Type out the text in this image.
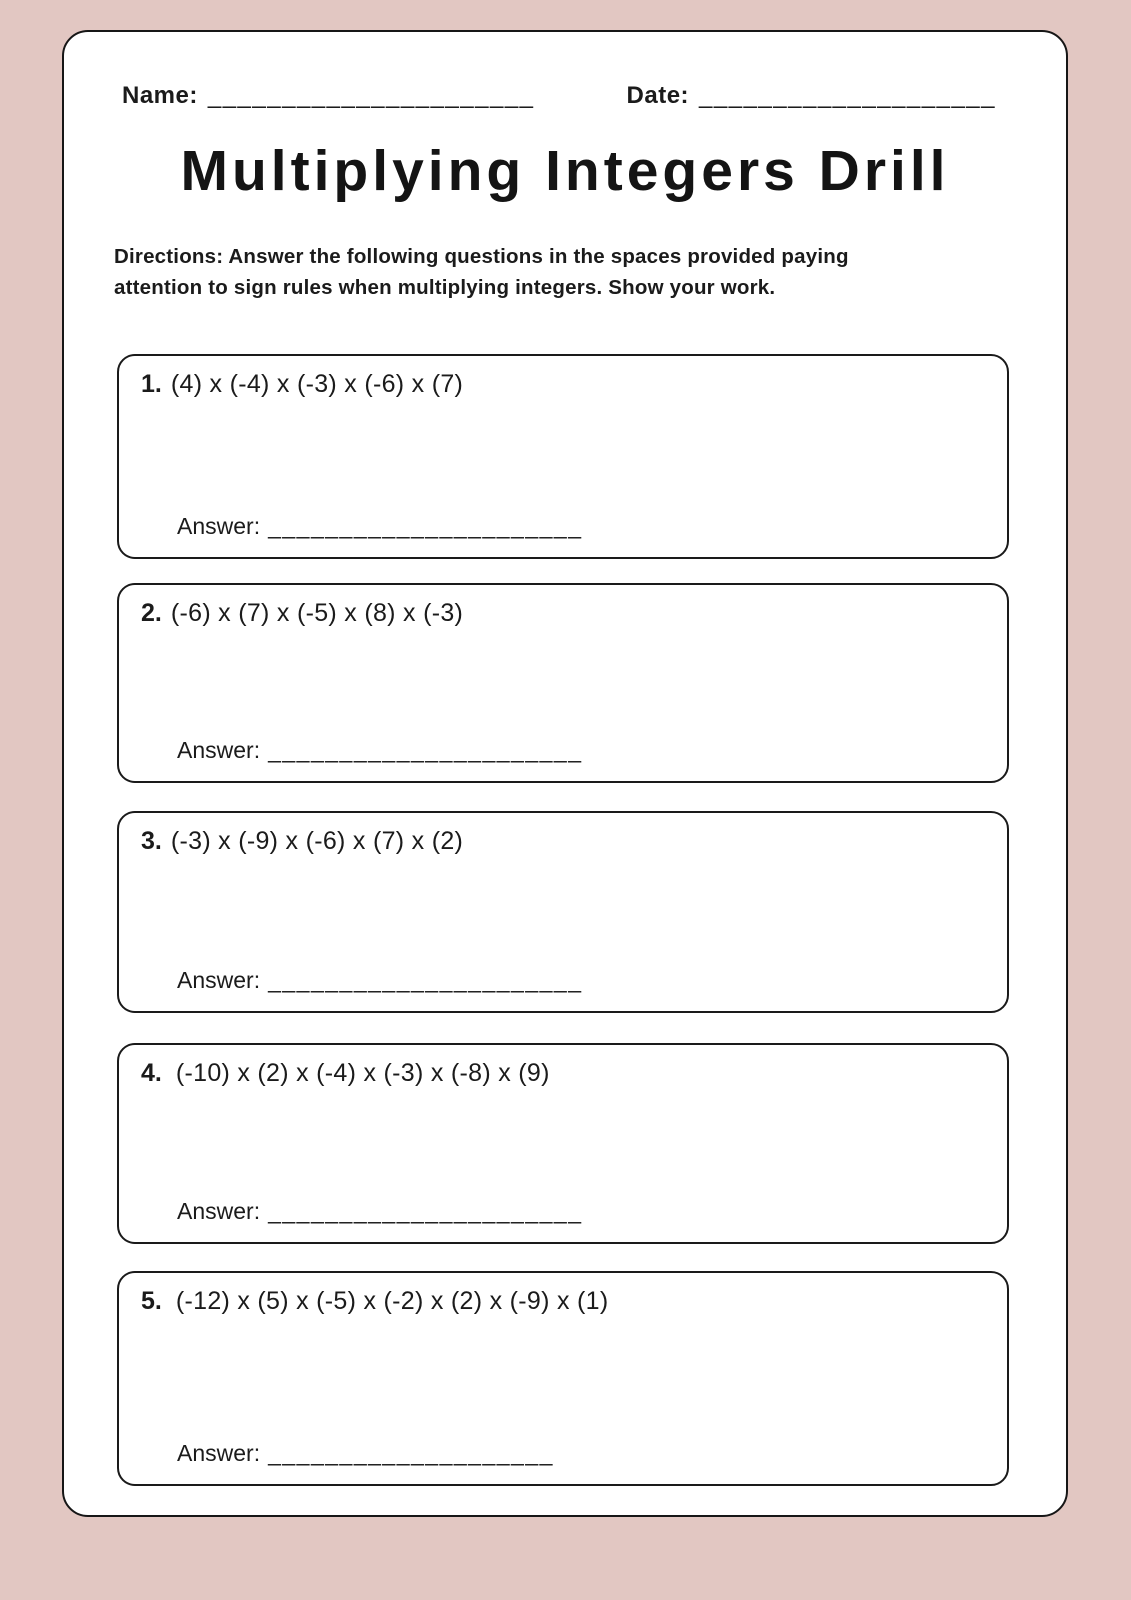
Name: ______________________	Date: ____________________
Multiplying Integers Drill

Directions: Answer the following questions in the spaces provided paying attention to sign rules when multiplying integers. Show your work.

1. (4) x (-4) x (-3) x (-6) x (7)
Answer: ______________________
2. (-6) x (7) x (-5) x (8) x (-3)
Answer: ______________________
3. (-3) x (-9) x (-6) x (7) x (2)
Answer: ______________________
4. (-10) x (2) x (-4) x (-3) x (-8) x (9)
Answer: ______________________
5. (-12) x (5) x (-5) x (-2) x (2) x (-9) x (1)
Answer: ____________________
